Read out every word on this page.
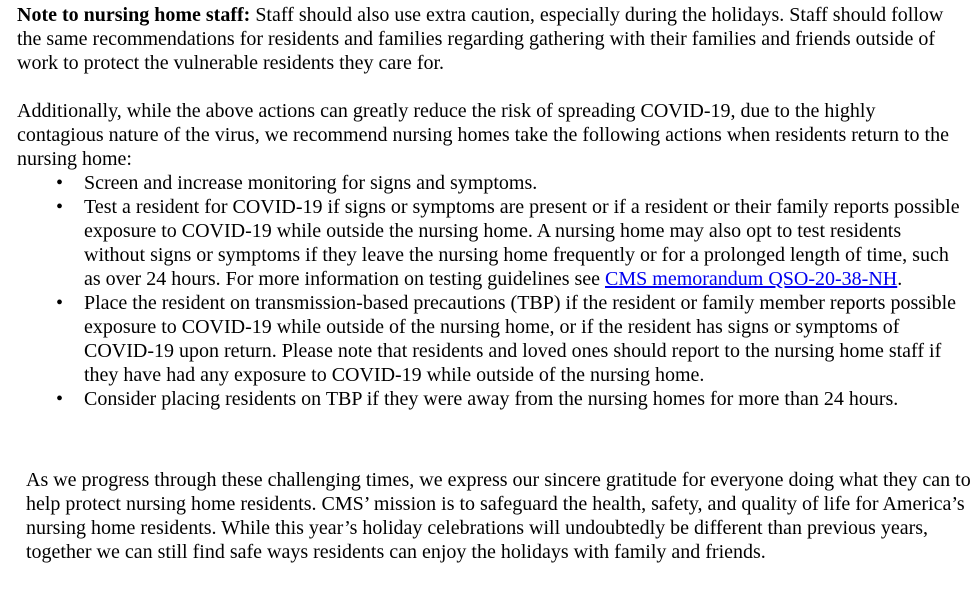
Note to nursing home staff: Staff should also use extra caution, especially during the holidays. Staff should follow the same recommendations for residents and families regarding gathering with their families and friends outside of work to protect the vulnerable residents they care for.

Additionally, while the above actions can greatly reduce the risk of spreading COVID-19, due to the highly contagious nature of the virus, we recommend nursing homes take the following actions when residents return to the nursing home:

• Screen and increase monitoring for signs and symptoms.
• Test a resident for COVID-19 if signs or symptoms are present or if a resident or their family reports possible exposure to COVID-19 while outside the nursing home. A nursing home may also opt to test residents without signs or symptoms if they leave the nursing home frequently or for a prolonged length of time, such as over 24 hours. For more information on testing guidelines see CMS memorandum QSO-20-38-NH.
• Place the resident on transmission-based precautions (TBP) if the resident or family member reports possible exposure to COVID-19 while outside of the nursing home, or if the resident has signs or symptoms of COVID-19 upon return. Please note that residents and loved ones should report to the nursing home staff if they have had any exposure to COVID-19 while outside of the nursing home.
• Consider placing residents on TBP if they were away from the nursing homes for more than 24 hours.

As we progress through these challenging times, we express our sincere gratitude for everyone doing what they can to help protect nursing home residents. CMS’ mission is to safeguard the health, safety, and quality of life for America’s nursing home residents. While this year’s holiday celebrations will undoubtedly be different than previous years, together we can still find safe ways residents can enjoy the holidays with family and friends.
